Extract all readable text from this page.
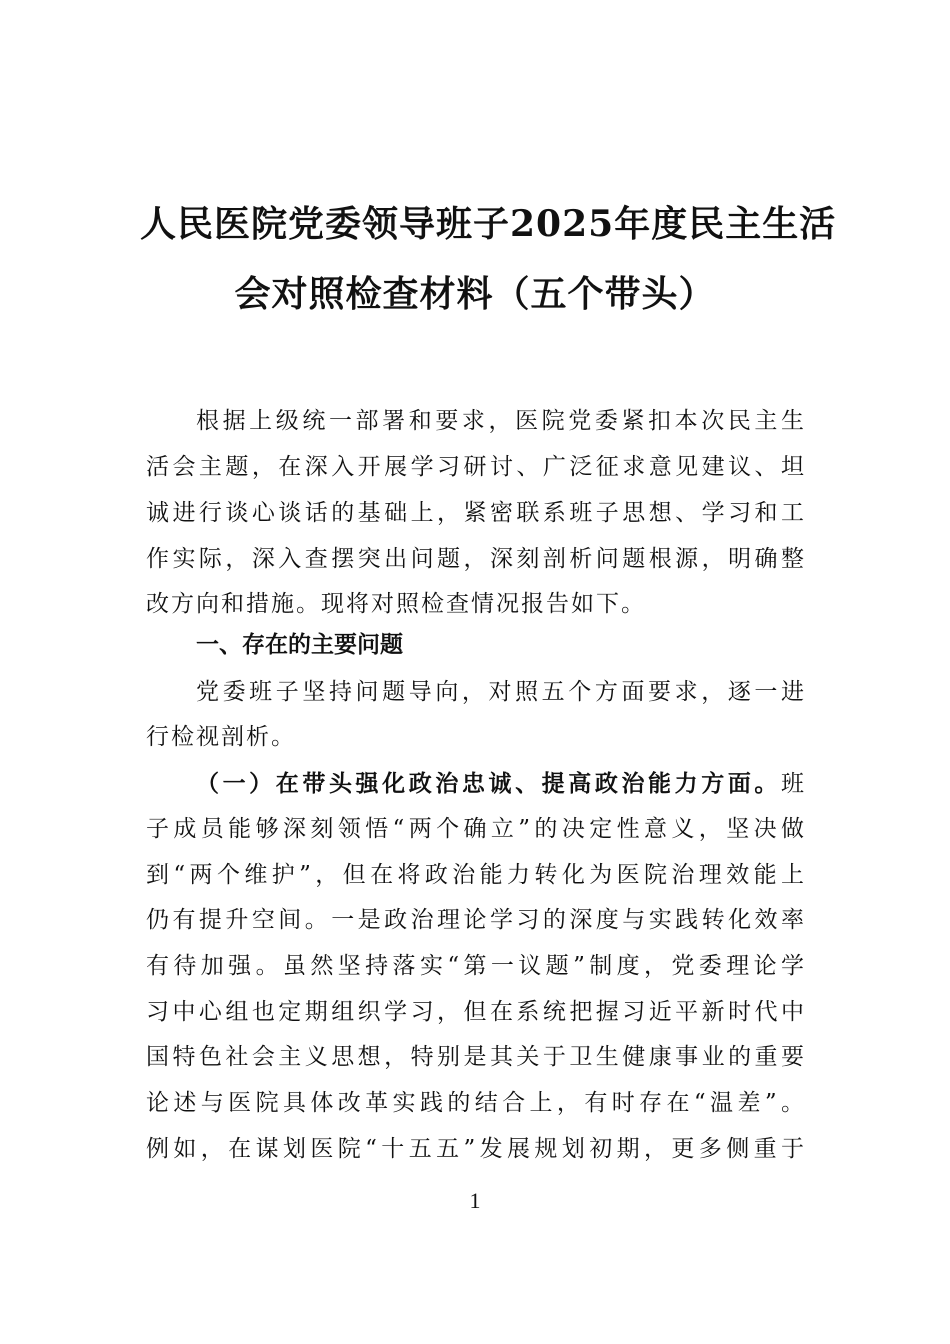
人民医院党委领导班子2025年度民主生活
会对照检查材料（五个带头）
根据上级统一部署和要求，医院党委紧扣本次民主生
活会主题，在深入开展学习研讨、广泛征求意见建议、坦
诚进行谈心谈话的基础上，紧密联系班子思想、学习和工
作实际，深入查摆突出问题，深刻剖析问题根源，明确整
改方向和措施。现将对照检查情况报告如下。
一、存在的主要问题
党委班子坚持问题导向，对照五个方面要求，逐一进
行检视剖析。
（一）在带头强化政治忠诚、提高政治能力方面。班
子成员能够深刻领悟“两个确立”的决定性意义，坚决做
到“两个维护”，但在将政治能力转化为医院治理效能上
仍有提升空间。一是政治理论学习的深度与实践转化效率
有待加强。虽然坚持落实“第一议题”制度，党委理论学
习中心组也定期组织学习，但在系统把握习近平新时代中
国特色社会主义思想，特别是其关于卫生健康事业的重要
论述与医院具体改革实践的结合上，有时存在“温差”。
例如，在谋划医院“十五五”发展规划初期，更多侧重于
1
